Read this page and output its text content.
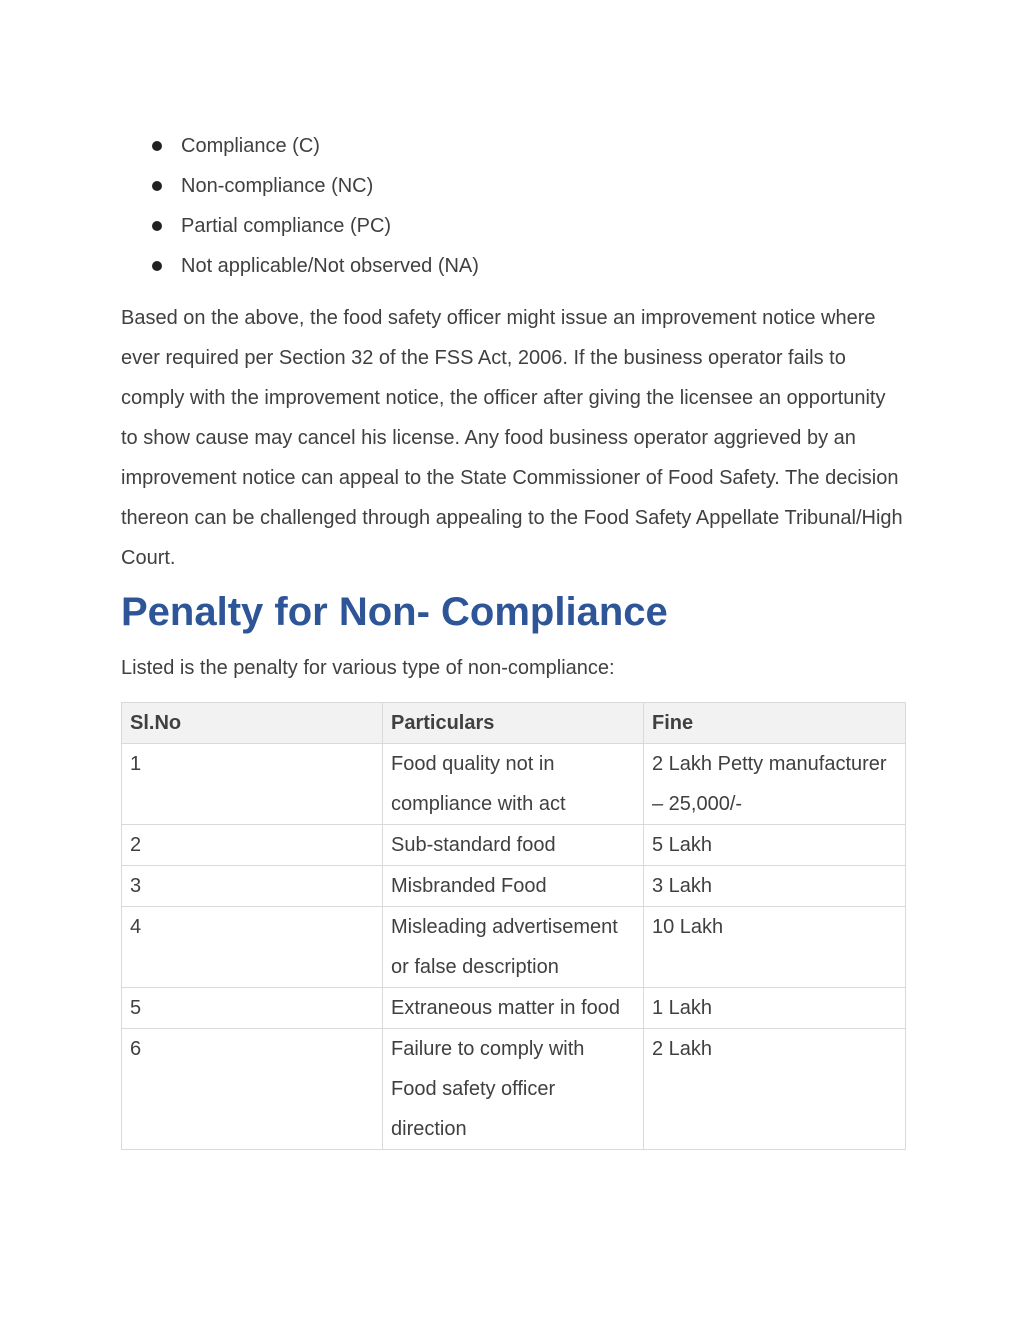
Compliance (C)
Non-compliance (NC)
Partial compliance (PC)
Not applicable/Not observed (NA)

Based on the above, the food safety officer might issue an improvement notice where ever required per Section 32 of the FSS Act, 2006. If the business operator fails to comply with the improvement notice, the officer after giving the licensee an opportunity to show cause may cancel his license. Any food business operator aggrieved by an improvement notice can appeal to the State Commissioner of Food Safety. The decision thereon can be challenged through appealing to the Food Safety Appellate Tribunal/High Court.

Penalty for Non- Compliance

Listed is the penalty for various type of non-compliance:

Sl.No	Particulars	Fine
1	Food quality not in compliance with act	2 Lakh Petty manufacturer – 25,000/-
2	Sub-standard food	5 Lakh
3	Misbranded Food	3 Lakh
4	Misleading advertisement or false description	10 Lakh
5	Extraneous matter in food	1 Lakh
6	Failure to comply with Food safety officer direction	2 Lakh
